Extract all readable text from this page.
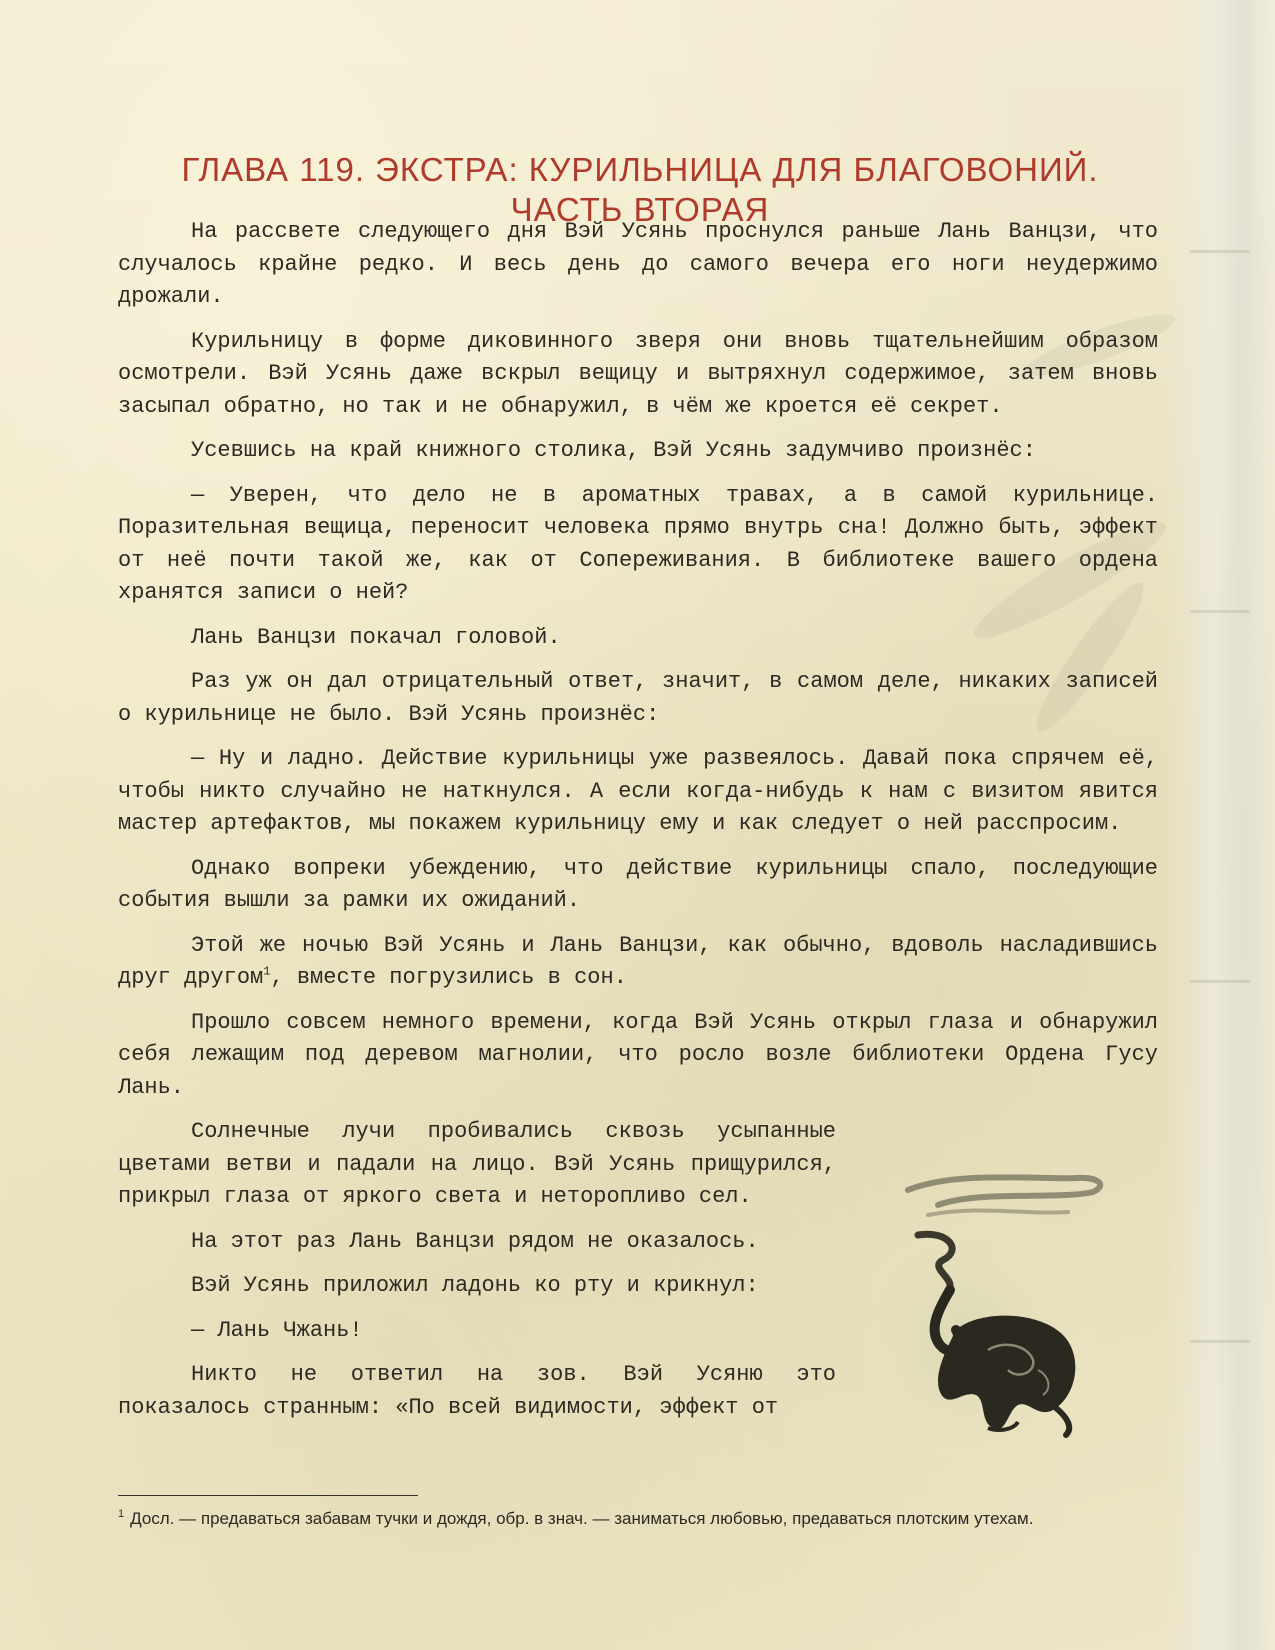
ГЛАВА 119. ЭКСТРА: КУРИЛЬНИЦА ДЛЯ БЛАГОВОНИЙ.
ЧАСТЬ ВТОРАЯ

На рассвете следующего дня Вэй Усянь проснулся раньше Лань Ванцзи, что случалось крайне редко. И весь день до самого вечера его ноги неудержимо дрожали.

Курильницу в форме диковинного зверя они вновь тщательнейшим образом осмотрели. Вэй Усянь даже вскрыл вещицу и вытряхнул содержимое, затем вновь засыпал обратно, но так и не обнаружил, в чём же кроется её секрет.

Усевшись на край книжного столика, Вэй Усянь задумчиво произнёс:

— Уверен, что дело не в ароматных травах, а в самой курильнице. Поразительная вещица, переносит человека прямо внутрь сна! Должно быть, эффект от неё почти такой же, как от Сопереживания. В библиотеке вашего ордена хранятся записи о ней?

Лань Ванцзи покачал головой.

Раз уж он дал отрицательный ответ, значит, в самом деле, никаких записей о курильнице не было. Вэй Усянь произнёс:

— Ну и ладно. Действие курильницы уже развеялось. Давай пока спрячем её, чтобы никто случайно не наткнулся. А если когда-нибудь к нам с визитом явится мастер артефактов, мы покажем курильницу ему и как следует о ней расспросим.

Однако вопреки убеждению, что действие курильницы спало, последующие события вышли за рамки их ожиданий.

Этой же ночью Вэй Усянь и Лань Ванцзи, как обычно, вдоволь насладившись друг другом$^1$, вместе погрузились в сон.

Прошло совсем немного времени, когда Вэй Усянь открыл глаза и обнаружил себя лежащим под деревом магнолии, что росло возле библиотеки Ордена Гусу Лань.

Солнечные лучи пробивались сквозь усыпанные цветами ветви и падали на лицо. Вэй Усянь прищурился, прикрыл глаза от яркого света и неторопливо сел.

На этот раз Лань Ванцзи рядом не оказалось.

Вэй Усянь приложил ладонь ко рту и крикнул:

— Лань Чжань!

Никто не ответил на зов. Вэй Усяню это показалось странным: «По всей видимости, эффект от

$^1$ Досл. — предаваться забавам тучки и дождя, обр. в знач. — заниматься любовью, предаваться плотским утехам.
